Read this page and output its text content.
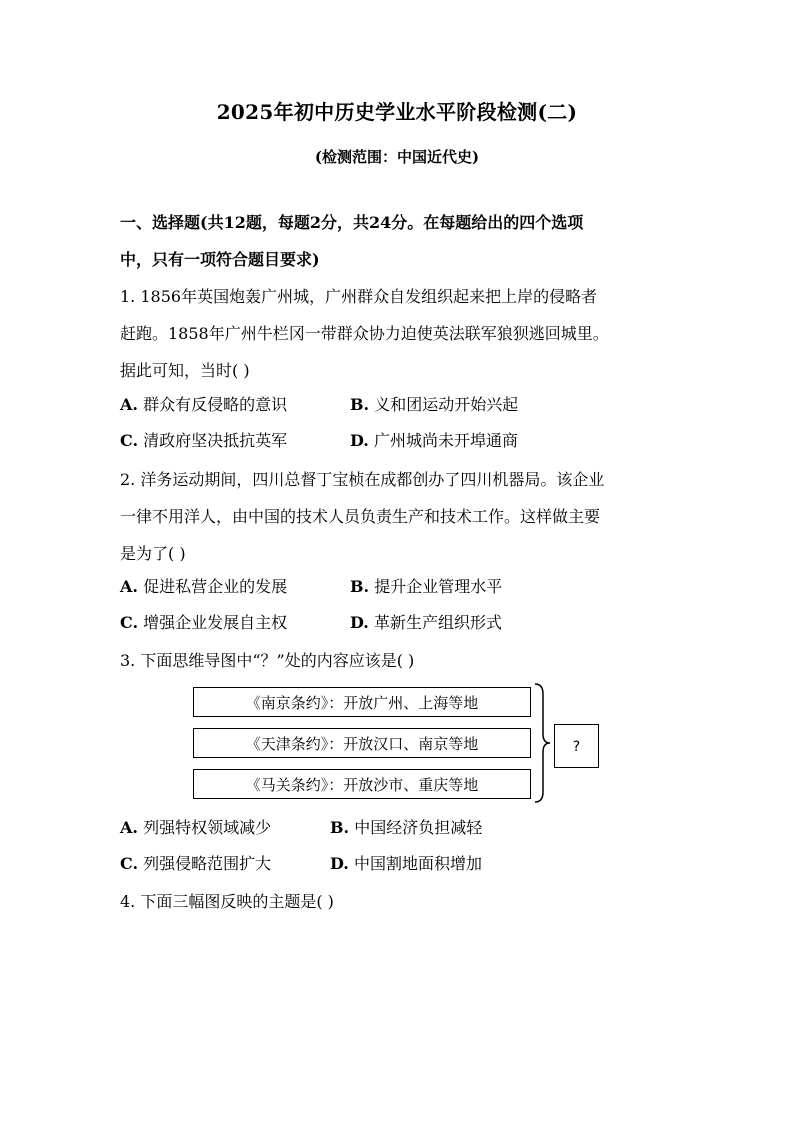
2025年初中历史学业水平阶段检测(二)
(检测范围：中国近代史)
一、选择题(共12题，每题2分，共24分。在每题给出的四个选项
中，只有一项符合题目要求)
1. 1856年英国炮轰广州城，广州群众自发组织起来把上岸的侵略者
赶跑。1858年广州牛栏冈一带群众协力迫使英法联军狼狈逃回城里。
据此可知，当时( )
A. 群众有反侵略的意识	B. 义和团运动开始兴起
C. 清政府坚决抵抗英军	D. 广州城尚未开埠通商
2. 洋务运动期间，四川总督丁宝桢在成都创办了四川机器局。该企业
一律不用洋人，由中国的技术人员负责生产和技术工作。这样做主要
是为了( )
A. 促进私营企业的发展	B. 提升企业管理水平
C. 增强企业发展自主权	D. 革新生产组织形式
3. 下面思维导图中“？”处的内容应该是( )
《南京条约》：开放广州、上海等地
《天津条约》：开放汉口、南京等地
《马关条约》：开放沙市、重庆等地
?
A. 列强特权领域减少	B. 中国经济负担减轻
C. 列强侵略范围扩大	D. 中国割地面积增加
4. 下面三幅图反映的主题是( )
